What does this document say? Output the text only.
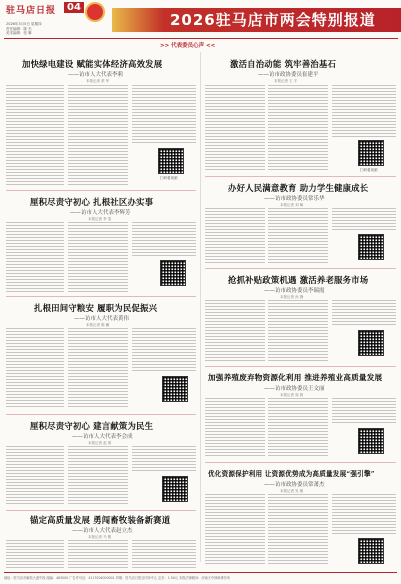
驻马店日报	04
2026年3月5日 星期四
责任编辑：陈 杰
美术编辑：张 琳
2026驻马店市两会特别报道
>> 代表委员心声 <<
加快绿电建设 赋能实体经济高效发展
——访市人大代表李莉
本报记者 张 华
扫码看视频
激活自治动能 筑牢善治基石
——访市政协委员崔建平
本报记者 王 宇
扫码看视频
厘积尽责守初心 扎根社区办实事
——访市人大代表李辉芳
本报记者 李 雯
办好人民满意教育 助力学生健康成长
——访市政协委员常乐华
本报记者 刘 畅
扎根田间守粮安 履职为民促振兴
——访市人大代表黄伟
本报记者 陈 鹏
抢抓补贴政策机遇 激活养老服务市场
——访市政协委员李瑞霞
本报记者 孙 静
加强养殖废弃物资源化利用 推进养殖业高质量发展
——访市政协委员王文丽
本报记者 周 晨
厘积尽责守初心 建言献策为民生
——访市人大代表李会成
本报记者 赵 琪
优化资源保护利用 让资源优势成为高质量发展“强引擎”
——访市政协委员常萧杰
本报记者 吴 敏
锚定高质量发展 勇闯畜牧装备新赛道
——访市人大代表赵立杰
本报记者 马 骏
地址：驻马店市解放大道中段 邮编：463000 广告许可证：4117004000001 印刷：驻马店日报社印务中心 定价：1.50元 本报法律顾问：河南天中律师事务所
